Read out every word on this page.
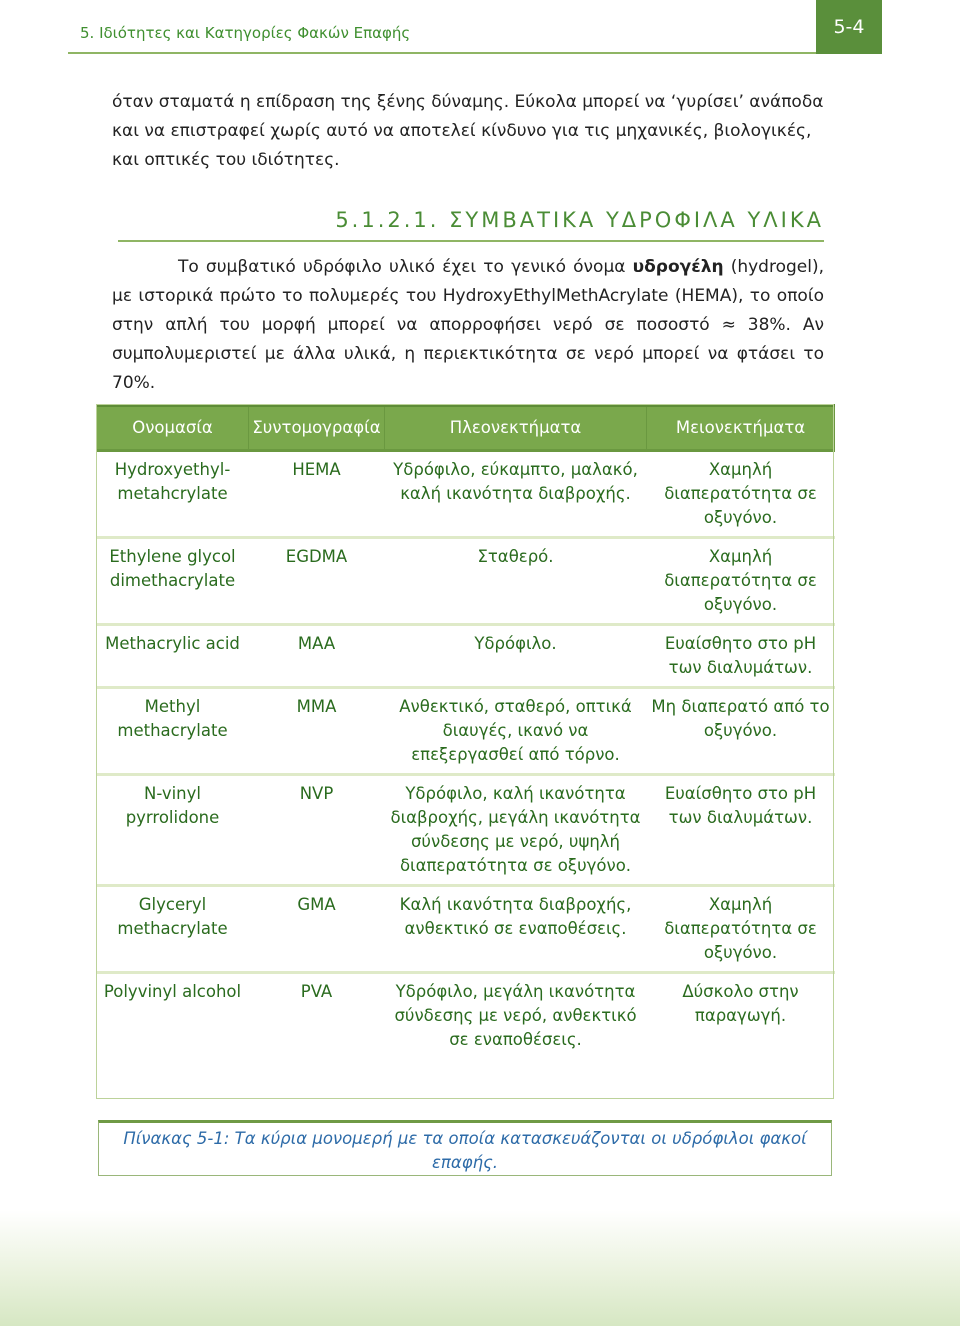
5. Ιδιότητες και Κατηγορίες Φακών Επαφής	5-4
όταν σταματά η επίδραση της ξένης δύναμης. Εύκολα μπορεί να ‘γυρίσει’ ανάποδα και να επιστραφεί χωρίς αυτό να αποτελεί κίνδυνο για τις μηχανικές, βιολογικές, και οπτικές του ιδιότητες.
5.1.2.1. ΣΥΜΒΑΤΙΚΑ ΥΔΡΟΦΙΛΑ ΥΛΙΚΑ
Το συμβατικό υδρόφιλο υλικό έχει το γενικό όνομα υδρογέλη (hydrogel), με ιστορικά πρώτο το πολυμερές του HydroxyEthylMethAcrylate (HEMA), το οποίο στην απλή του μορφή μπορεί να απορροφήσει νερό σε ποσοστό ≈ 38%. Αν συμπολυμεριστεί με άλλα υλικά, η περιεκτικότητα σε νερό μπορεί να φτάσει το 70%.
Ονομασία	Συντομογραφία	Πλεονεκτήματα	Μειονεκτήματα
Hydroxyethyl-metahcrylate	HEMA	Υδρόφιλο, εύκαμπτο, μαλακό, καλή ικανότητα διαβροχής.	Χαμηλή διαπερατότητα σε οξυγόνο.
Ethylene glycol dimethacrylate	EGDMA	Σταθερό.	Χαμηλή διαπερατότητα σε οξυγόνο.
Methacrylic acid	MAA	Υδρόφιλο.	Ευαίσθητο στο pH των διαλυμάτων.
Methyl methacrylate	MMA	Ανθεκτικό, σταθερό, οπτικά διαυγές, ικανό να επεξεργασθεί από τόρνο.	Μη διαπερατό από το οξυγόνο.
N-vinyl pyrrolidone	NVP	Υδρόφιλο, καλή ικανότητα διαβροχής, μεγάλη ικανότητα σύνδεσης με νερό, υψηλή διαπερατότητα σε οξυγόνο.	Ευαίσθητο στο pH των διαλυμάτων.
Glyceryl methacrylate	GMA	Καλή ικανότητα διαβροχής, ανθεκτικό σε εναποθέσεις.	Χαμηλή διαπερατότητα σε οξυγόνο.
Polyvinyl alcohol	PVA	Υδρόφιλο, μεγάλη ικανότητα σύνδεσης με νερό, ανθεκτικό σε εναποθέσεις.	Δύσκολο στην παραγωγή.
Πίνακας 5-1: Τα κύρια μονομερή με τα οποία κατασκευάζονται οι υδρόφιλοι φακοί επαφής.
